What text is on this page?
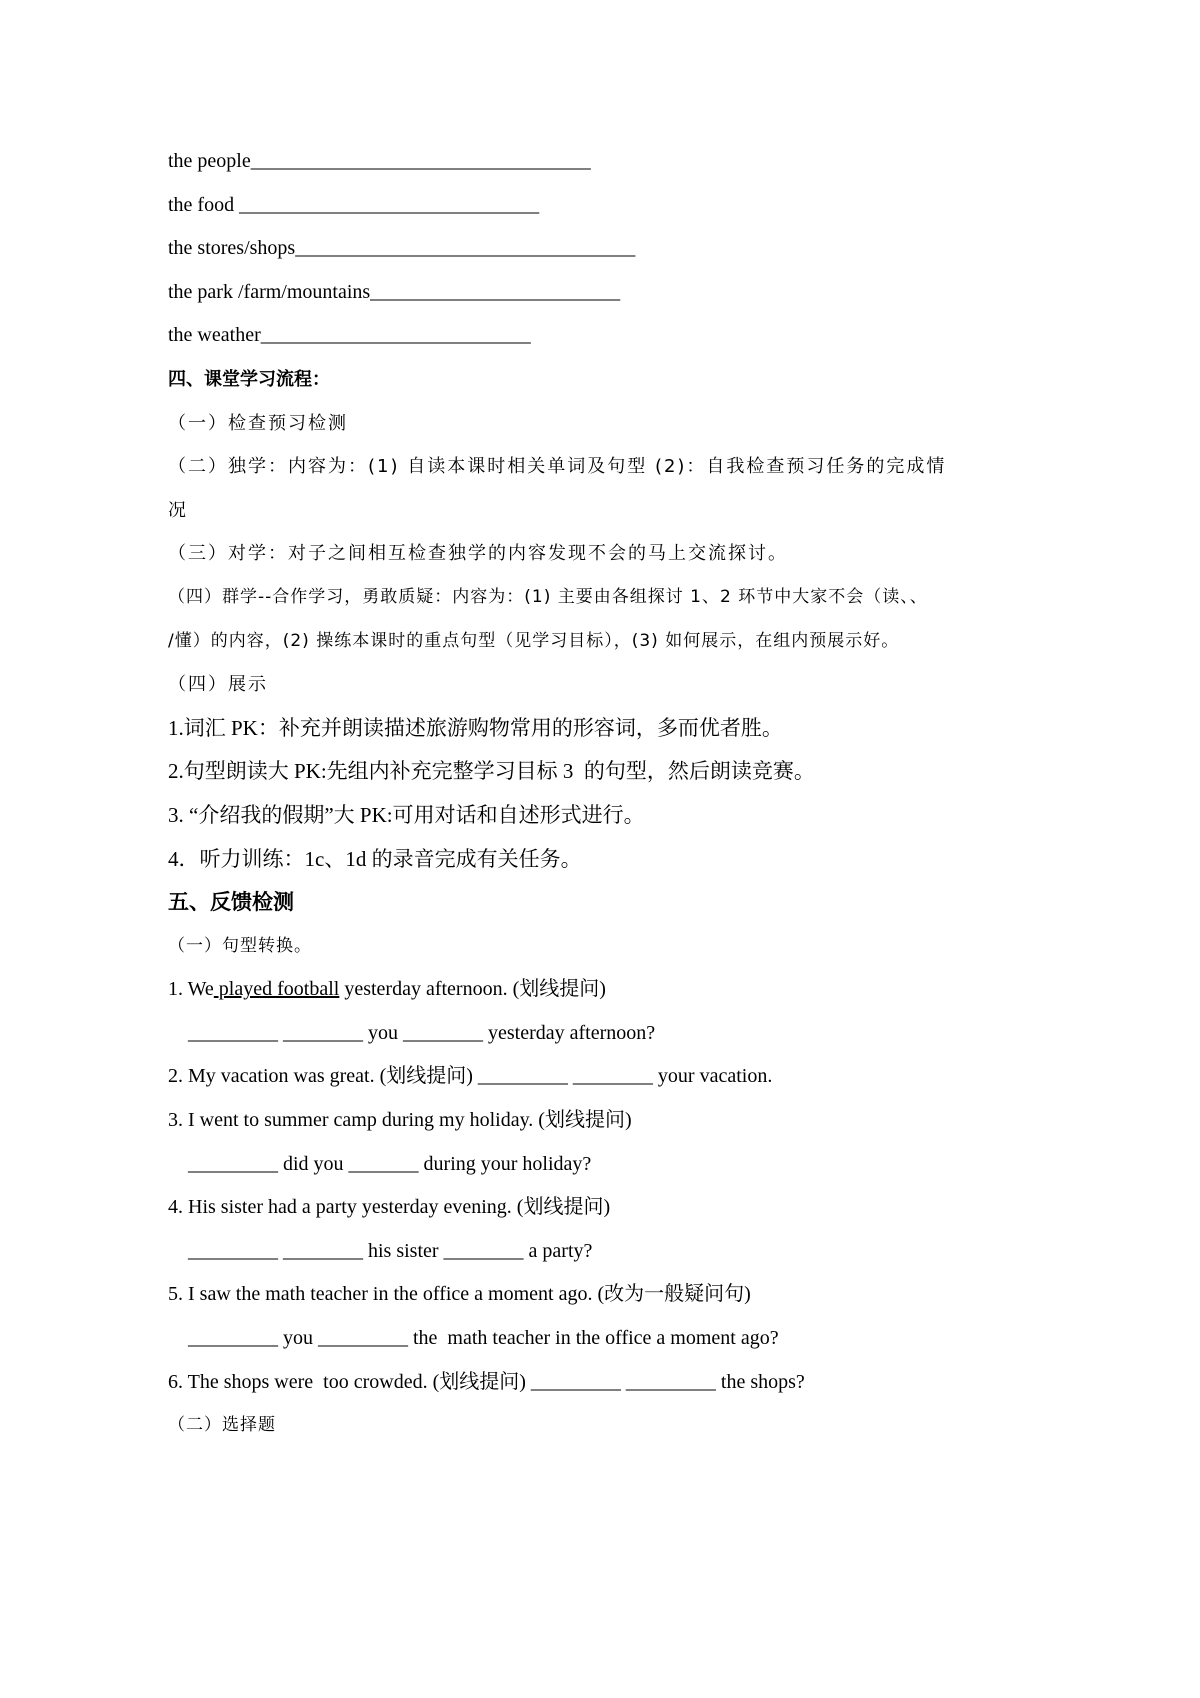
the people__________________________________
the food ______________________________
the stores/shops__________________________________
the park /farm/mountains_________________________
the weather___________________________
四、课堂学习流程：
（一）检查预习检测
（二）独学：内容为：(1) 自读本课时相关单词及句型 (2)：自我检查预习任务的完成情
况
（三）对学：对子之间相互检查独学的内容发现不会的马上交流探讨。
（四）群学--合作学习，勇敢质疑：内容为：(1) 主要由各组探讨 1、2 环节中大家不会（读、、
/懂）的内容，(2) 操练本课时的重点句型（见学习目标），(3) 如何展示，在组内预展示好。
（四）展示
1.词汇 PK：补充并朗读描述旅游购物常用的形容词，多而优者胜。
2.句型朗读大 PK:先组内补充完整学习目标 3  的句型，然后朗读竞赛。
3. “介绍我的假期”大 PK:可用对话和自述形式进行。
4．听力训练：1c、1d 的录音完成有关任务。
五、反馈检测
（一）句型转换。
1. We played football yesterday afternoon. (划线提问)
_________ ________ you ________ yesterday afternoon?
2. My vacation was great. (划线提问) _________ ________ your vacation.
3. I went to summer camp during my holiday. (划线提问)
_________ did you _______ during your holiday?
4. His sister had a party yesterday evening. (划线提问)
_________ ________ his sister ________ a party?
5. I saw the math teacher in the office a moment ago. (改为一般疑问句)
_________ you _________ the  math teacher in the office a moment ago?
6. The shops were  too crowded. (划线提问) _________ _________ the shops?
（二）选择题
